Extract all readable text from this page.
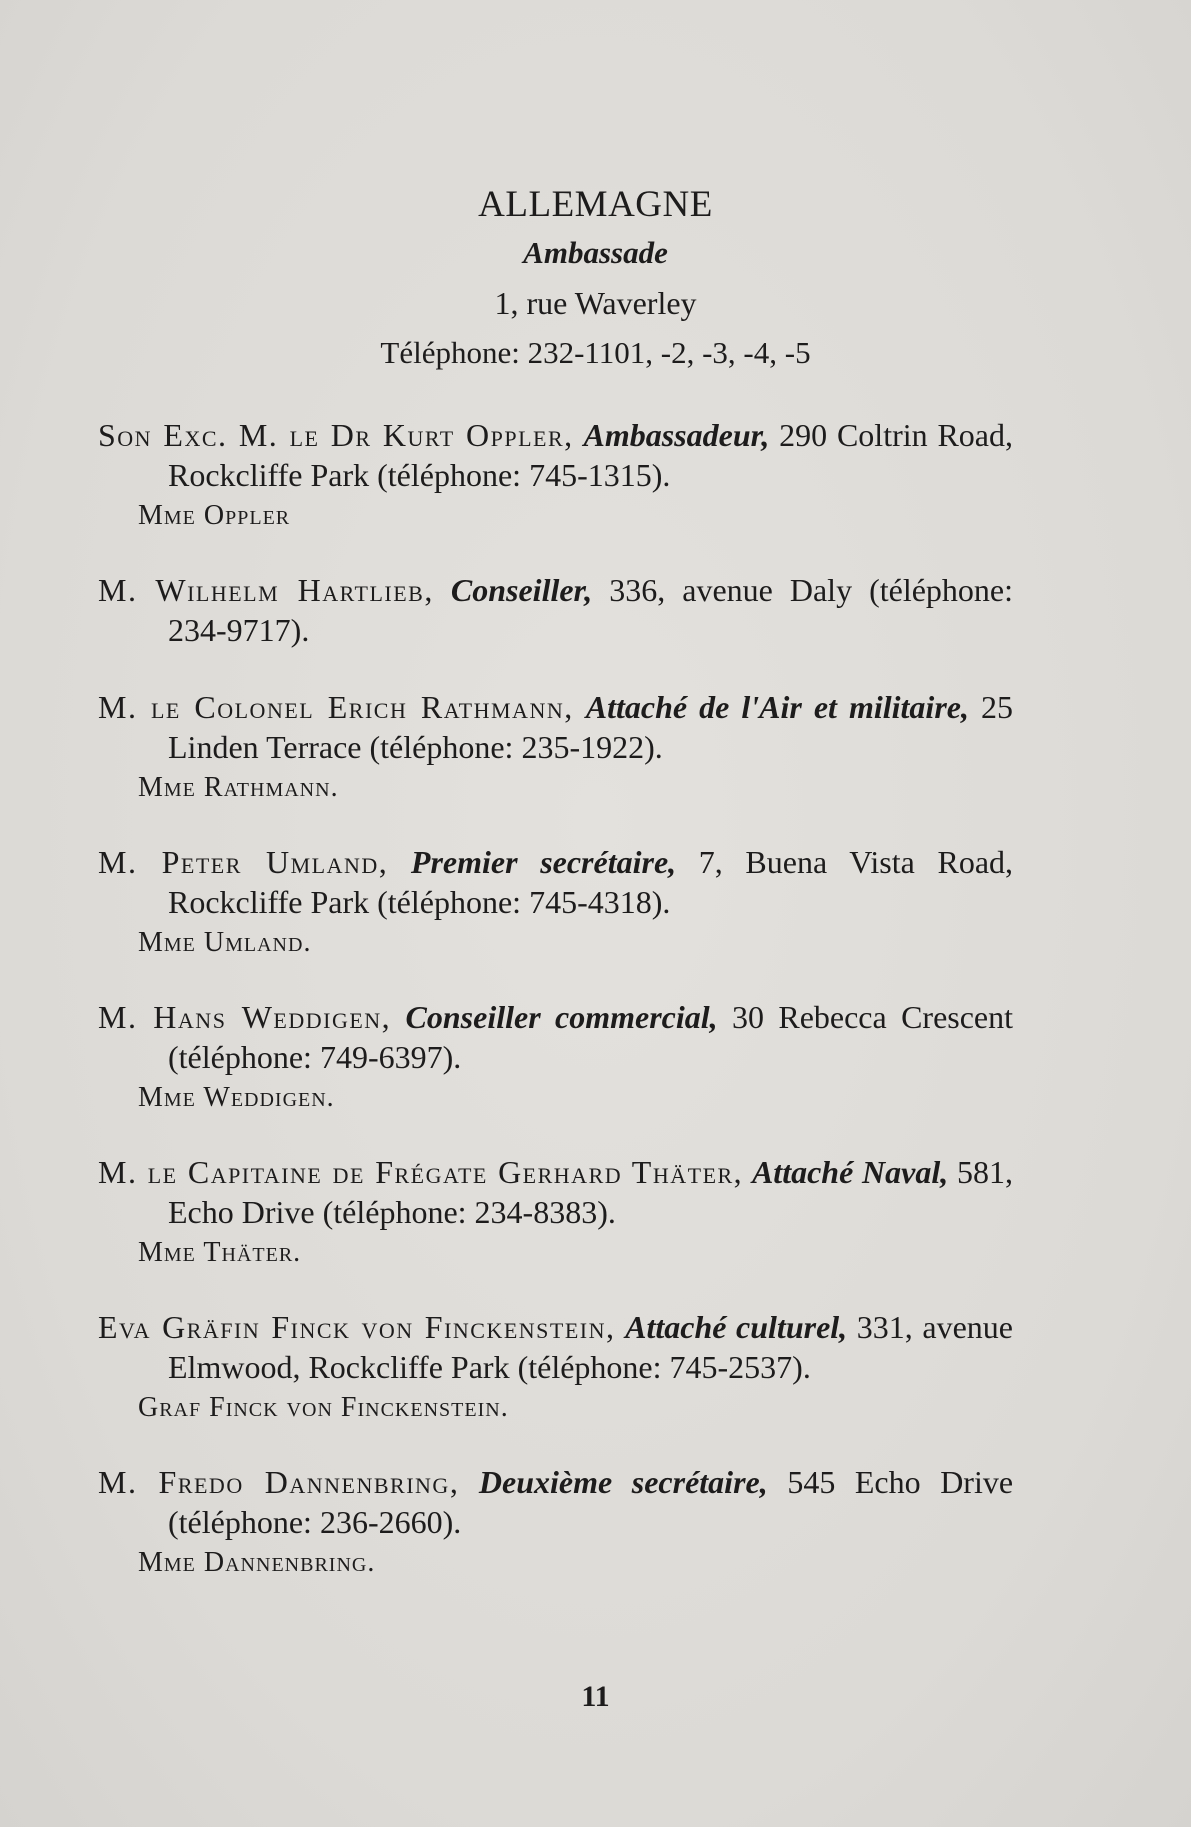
ALLEMAGNE
Ambassade
1, rue Waverley
Téléphone: 232-1101, -2, -3, -4, -5

Son Exc. M. le Dr Kurt Oppler, Ambassadeur, 290 Coltrin Road, Rockcliffe Park (téléphone: 745-1315).

Mme Oppler

M. Wilhelm Hartlieb, Conseiller, 336, avenue Daly (téléphone: 234-9717).

M. le Colonel Erich Rathmann, Attaché de l'Air et militaire, 25 Linden Terrace (téléphone: 235-1922).

Mme Rathmann.

M. Peter Umland, Premier secrétaire, 7, Buena Vista Road, Rockcliffe Park (téléphone: 745-4318).

Mme Umland.

M. Hans Weddigen, Conseiller commercial, 30 Rebecca Crescent (téléphone: 749-6397).

Mme Weddigen.

M. le Capitaine de Frégate Gerhard Thäter, Attaché Naval, 581, Echo Drive (téléphone: 234-8383).

Mme Thäter.

Eva Gräfin Finck von Finckenstein, Attaché culturel, 331, avenue Elmwood, Rockcliffe Park (téléphone: 745-2537).

Graf Finck von Finckenstein.

M. Fredo Dannenbring, Deuxième secrétaire, 545 Echo Drive (téléphone: 236-2660).

Mme Dannenbring.

11
